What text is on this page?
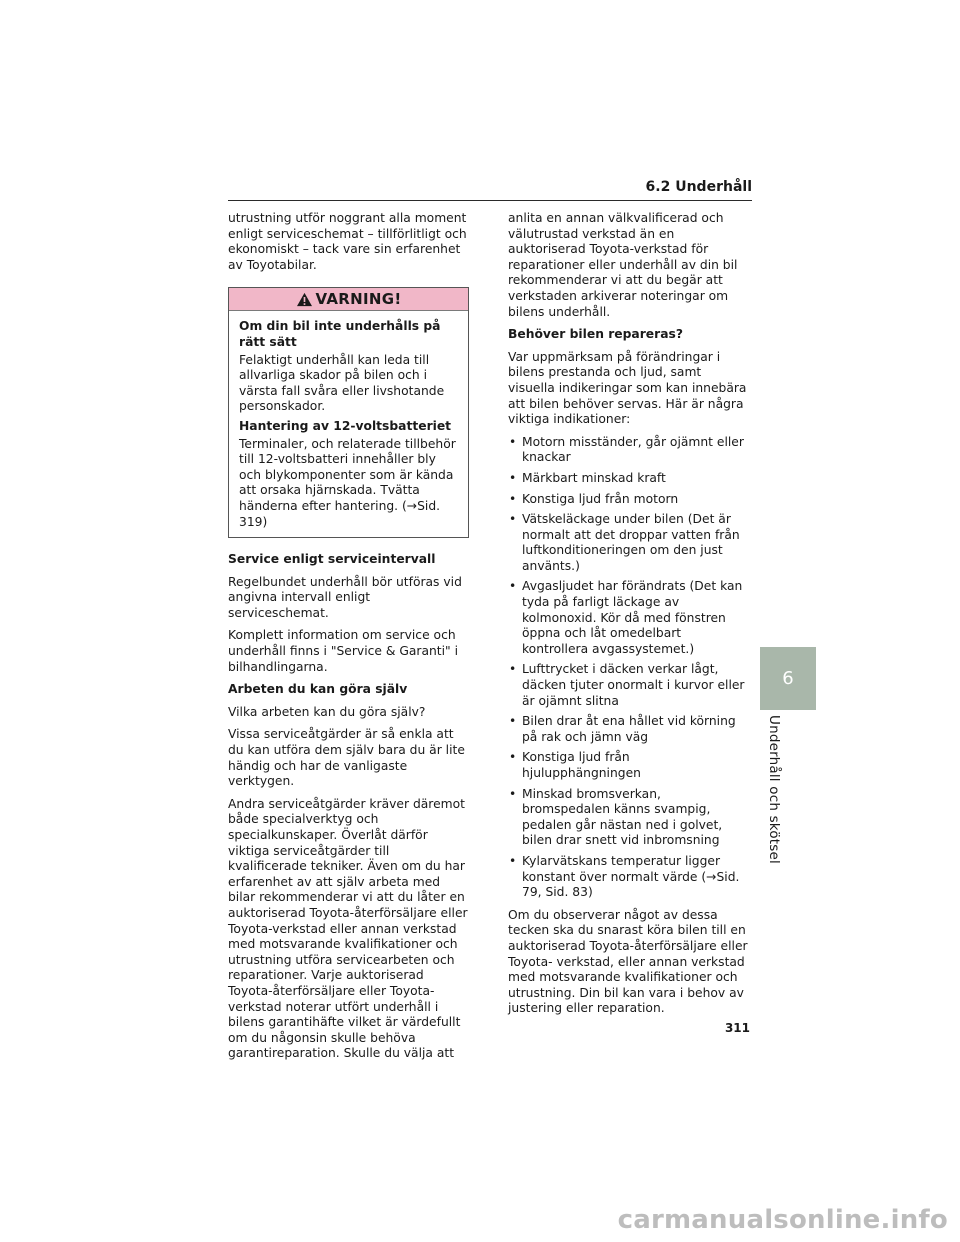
6.2 Underhåll

utrustning utför noggrant alla moment enligt serviceschemat – tillförlitligt och ekonomiskt – tack vare sin erfarenhet av Toyotabilar.

VARNING!
Om din bil inte underhålls på rätt sätt

Felaktigt underhåll kan leda till allvarliga skador på bilen och i värsta fall svåra eller livshotande personskador.

Hantering av 12-voltsbatteriet

Terminaler, och relaterade tillbehör till 12-voltsbatteri innehåller bly och blykomponenter som är kända att orsaka hjärnskada. Tvätta händerna efter hantering. (→Sid. 319)

Service enligt serviceintervall

Regelbundet underhåll bör utföras vid angivna intervall enligt serviceschemat.

Komplett information om service och underhåll finns i "Service & Garanti" i bilhandlingarna.

Arbeten du kan göra själv

Vilka arbeten kan du göra själv?

Vissa serviceåtgärder är så enkla att du kan utföra dem själv bara du är lite händig och har de vanligaste verktygen.

Andra serviceåtgärder kräver däremot både specialverktyg och specialkunskaper. Överlåt därför viktiga serviceåtgärder till kvalificerade tekniker. Även om du har erfarenhet av att själv arbeta med bilar rekommenderar vi att du låter en auktoriserad Toyota-återförsäljare eller Toyota-verkstad eller annan verkstad med motsvarande kvalifikationer och utrustning utföra servicearbeten och reparationer. Varje auktoriserad Toyota-återförsäljare eller Toyota-verkstad noterar utfört underhåll i bilens garantihäfte vilket är värdefullt om du någonsin skulle behöva garantireparation. Skulle du välja att

anlita en annan välkvalificerad och välutrustad verkstad än en auktoriserad Toyota-verkstad för reparationer eller underhåll av din bil rekommenderar vi att du begär att verkstaden arkiverar noteringar om bilens underhåll.

Behöver bilen repareras?

Var uppmärksam på förändringar i bilens prestanda och ljud, samt visuella indikeringar som kan innebära att bilen behöver servas. Här är några viktiga indikationer:

• Motorn misständer, går ojämnt eller knackar
• Märkbart minskad kraft
• Konstiga ljud från motorn
• Vätskeläckage under bilen (Det är normalt att det droppar vatten från luftkonditioneringen om den just använts.)
• Avgasljudet har förändrats (Det kan tyda på farligt läckage av kolmonoxid. Kör då med fönstren öppna och låt omedelbart kontrollera avgassystemet.)
• Lufttrycket i däcken verkar lågt, däcken tjuter onormalt i kurvor eller är ojämnt slitna
• Bilen drar åt ena hållet vid körning på rak och jämn väg
• Konstiga ljud från hjulupphängningen
• Minskad bromsverkan, bromspedalen känns svampig, pedalen går nästan ned i golvet, bilen drar snett vid inbromsning
• Kylarvätskans temperatur ligger konstant över normalt värde (→Sid. 79, Sid. 83)

Om du observerar något av dessa tecken ska du snarast köra bilen till en auktoriserad Toyota-återförsäljare eller Toyota- verkstad, eller annan verkstad med motsvarande kvalifikationer och utrustning. Din bil kan vara i behov av justering eller reparation.

6
Underhåll och skötsel
311
carmanualsonline.info
